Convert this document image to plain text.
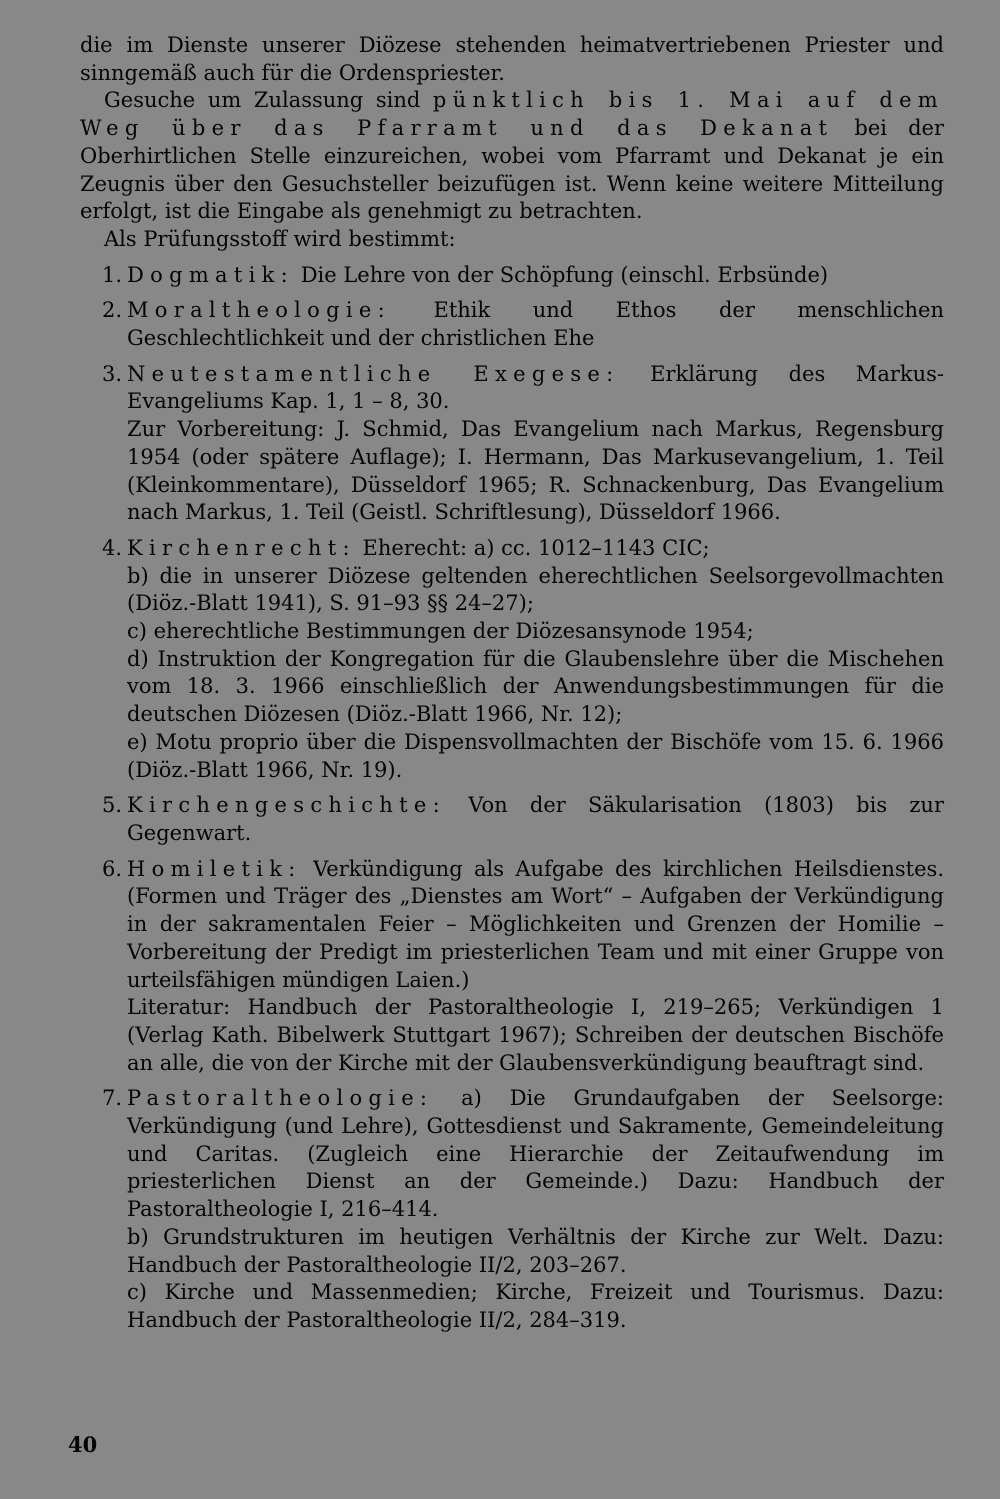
die im Dienste unserer Diözese stehenden heimatvertriebenen Priester und sinngemäß auch für die Ordenspriester.

Gesuche um Zulassung sind pünktlich bis 1. Mai auf dem Weg über das Pfarramt und das Dekanat bei der Oberhirtlichen Stelle einzureichen, wobei vom Pfarramt und Dekanat je ein Zeugnis über den Gesuchsteller beizufügen ist. Wenn keine weitere Mitteilung erfolgt, ist die Eingabe als genehmigt zu betrachten.

Als Prüfungsstoff wird bestimmt:

1. Dogmatik: Die Lehre von der Schöpfung (einschl. Erbsünde)

2. Moraltheologie: Ethik und Ethos der menschlichen Geschlechtlichkeit und der christlichen Ehe

3. Neutestamentliche Exegese: Erklärung des Markus-Evangeliums Kap. 1, 1 – 8, 30.

Zur Vorbereitung: J. Schmid, Das Evangelium nach Markus, Regensburg 1954 (oder spätere Auflage); I. Hermann, Das Markusevangelium, 1. Teil (Kleinkommentare), Düsseldorf 1965; R. Schnackenburg, Das Evangelium nach Markus, 1. Teil (Geistl. Schriftlesung), Düsseldorf 1966.

4. Kirchenrecht: Eherecht: a) cc. 1012–1143 CIC;

b) die in unserer Diözese geltenden eherechtlichen Seelsorgevollmachten (Diöz.-Blatt 1941), S. 91–93 §§ 24–27);

c) eherechtliche Bestimmungen der Diözesansynode 1954;

d) Instruktion der Kongregation für die Glaubenslehre über die Mischehen vom 18. 3. 1966 einschließlich der Anwendungsbestimmungen für die deutschen Diözesen (Diöz.-Blatt 1966, Nr. 12);

e) Motu proprio über die Dispensvollmachten der Bischöfe vom 15. 6. 1966 (Diöz.-Blatt 1966, Nr. 19).

5. Kirchengeschichte: Von der Säkularisation (1803) bis zur Gegenwart.

6. Homiletik: Verkündigung als Aufgabe des kirchlichen Heilsdienstes. (Formen und Träger des „Dienstes am Wort“ – Aufgaben der Verkündigung in der sakramentalen Feier – Möglichkeiten und Grenzen der Homilie – Vorbereitung der Predigt im priesterlichen Team und mit einer Gruppe von urteilsfähigen mündigen Laien.)

Literatur: Handbuch der Pastoraltheologie I, 219–265; Verkündigen 1 (Verlag Kath. Bibelwerk Stuttgart 1967); Schreiben der deutschen Bischöfe an alle, die von der Kirche mit der Glaubensverkündigung beauftragt sind.

7. Pastoraltheologie: a) Die Grundaufgaben der Seelsorge: Verkündigung (und Lehre), Gottesdienst und Sakramente, Gemeindeleitung und Caritas. (Zugleich eine Hierarchie der Zeitaufwendung im priesterlichen Dienst an der Gemeinde.) Dazu: Handbuch der Pastoraltheologie I, 216–414.

b) Grundstrukturen im heutigen Verhältnis der Kirche zur Welt. Dazu: Handbuch der Pastoraltheologie II/2, 203–267.

c) Kirche und Massenmedien; Kirche, Freizeit und Tourismus. Dazu: Handbuch der Pastoraltheologie II/2, 284–319.

40
